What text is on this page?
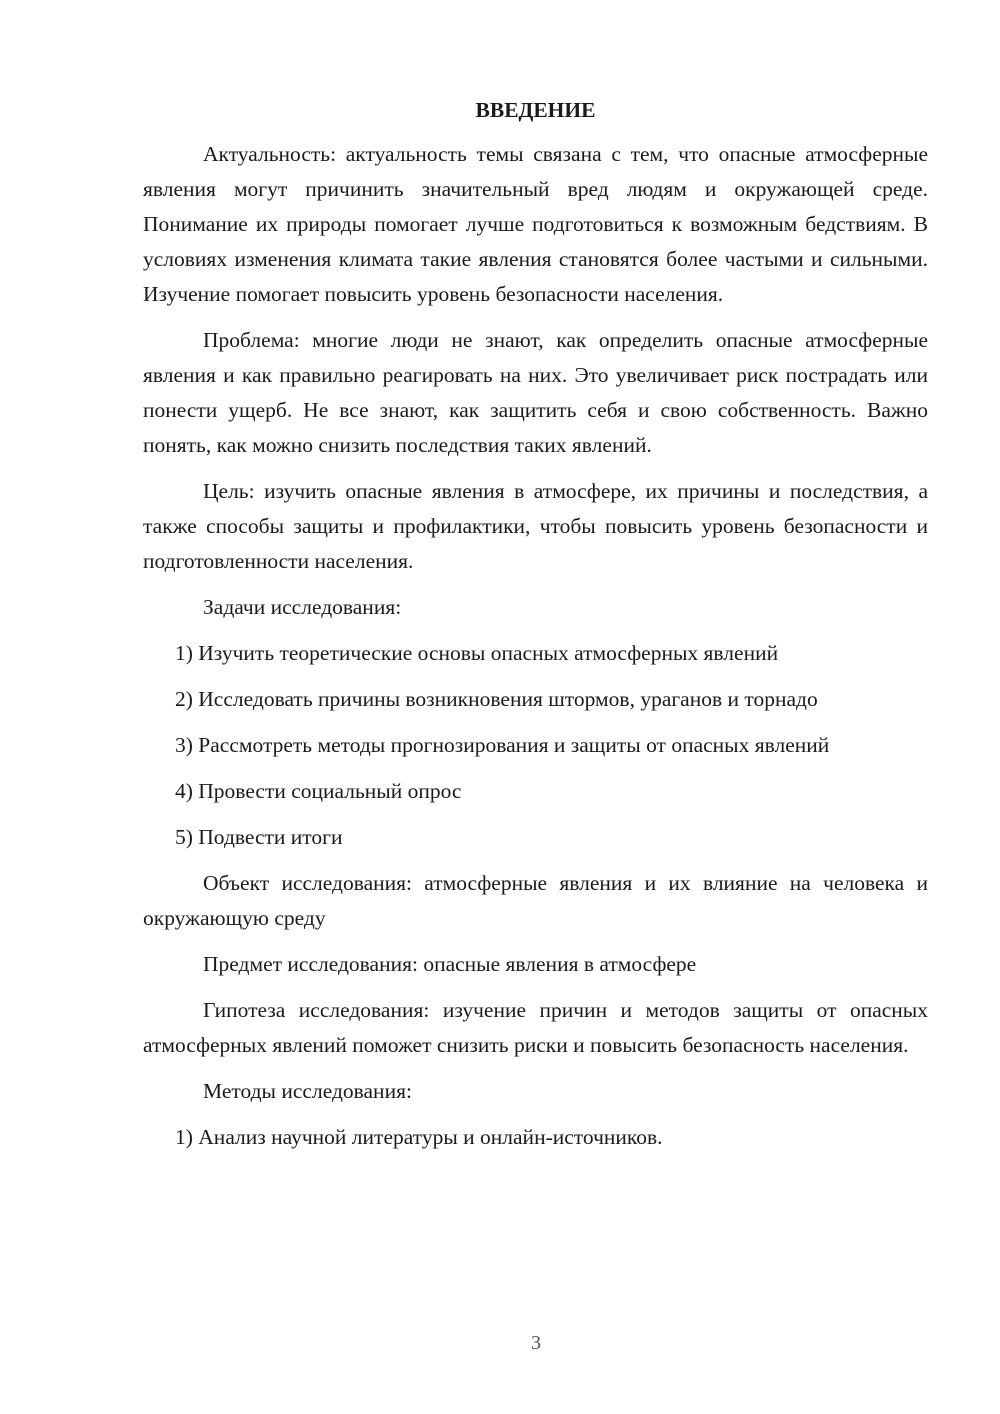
ВВЕДЕНИЕ

Актуальность: актуальность темы связана с тем, что опасные атмосферные явления могут причинить значительный вред людям и окружающей среде. Понимание их природы помогает лучше подготовиться к возможным бедствиям. В условиях изменения климата такие явления становятся более частыми и сильными. Изучение помогает повысить уровень безопасности населения.

Проблема: многие люди не знают, как определить опасные атмосферные явления и как правильно реагировать на них. Это увеличивает риск пострадать или понести ущерб. Не все знают, как защитить себя и свою собственность. Важно понять, как можно снизить последствия таких явлений.

Цель: изучить опасные явления в атмосфере, их причины и последствия, а также способы защиты и профилактики, чтобы повысить уровень безопасности и подготовленности населения.

Задачи исследования:

1) Изучить теоретические основы опасных атмосферных явлений

2) Исследовать причины возникновения штормов, ураганов и торнадо

3) Рассмотреть методы прогнозирования и защиты от опасных явлений

4) Провести социальный опрос

5) Подвести итоги

Объект исследования: атмосферные явления и их влияние на человека и окружающую среду

Предмет исследования: опасные явления в атмосфере

Гипотеза исследования: изучение причин и методов защиты от опасных атмосферных явлений поможет снизить риски и повысить безопасность населения.

Методы исследования:

1) Анализ научной литературы и онлайн-источников.

3
